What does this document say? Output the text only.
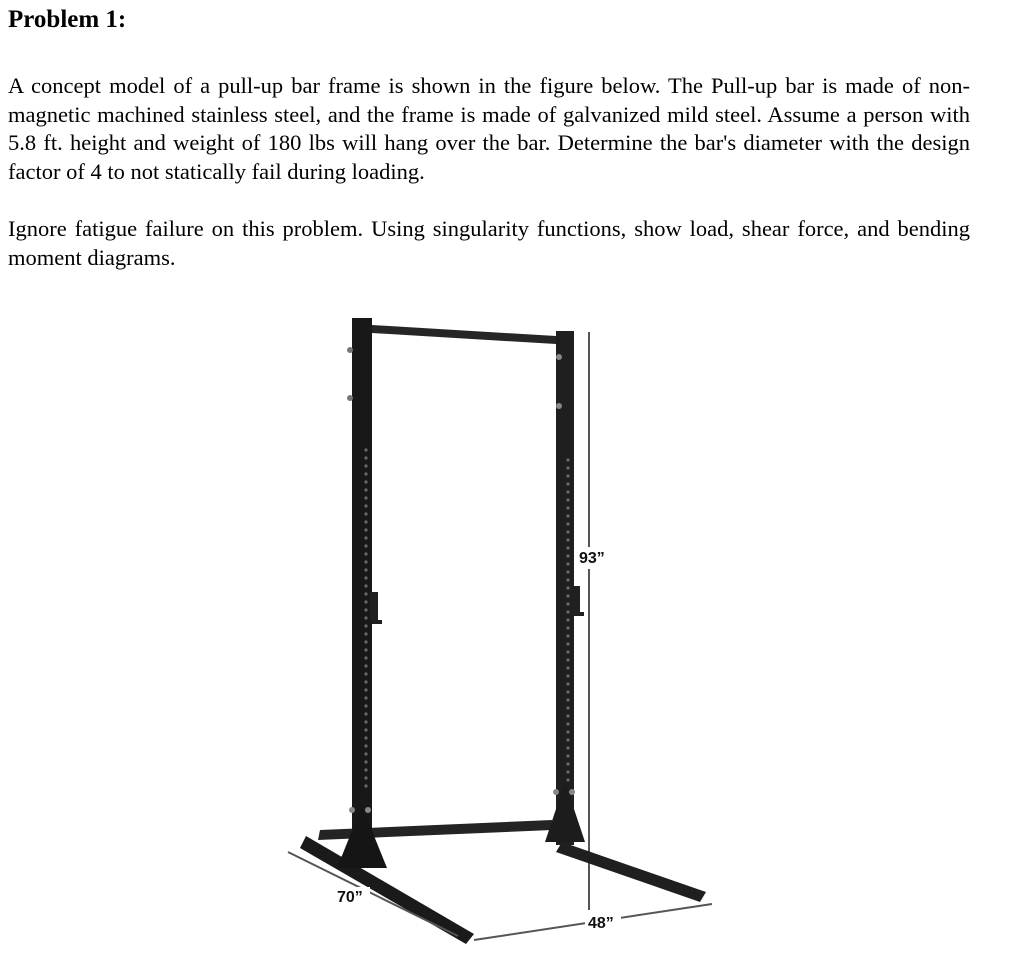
Problem 1:

A concept model of a pull-up bar frame is shown in the figure below. The Pull-up bar is made of non-magnetic machined stainless steel, and the frame is made of galvanized mild steel. Assume a person with 5.8 ft. height and weight of 180 lbs will hang over the bar. Determine the bar's diameter with the design factor of 4 to not statically fail during loading.

Ignore fatigue failure on this problem. Using singularity functions, show load, shear force, and bending moment diagrams.

93”
70”
48”
